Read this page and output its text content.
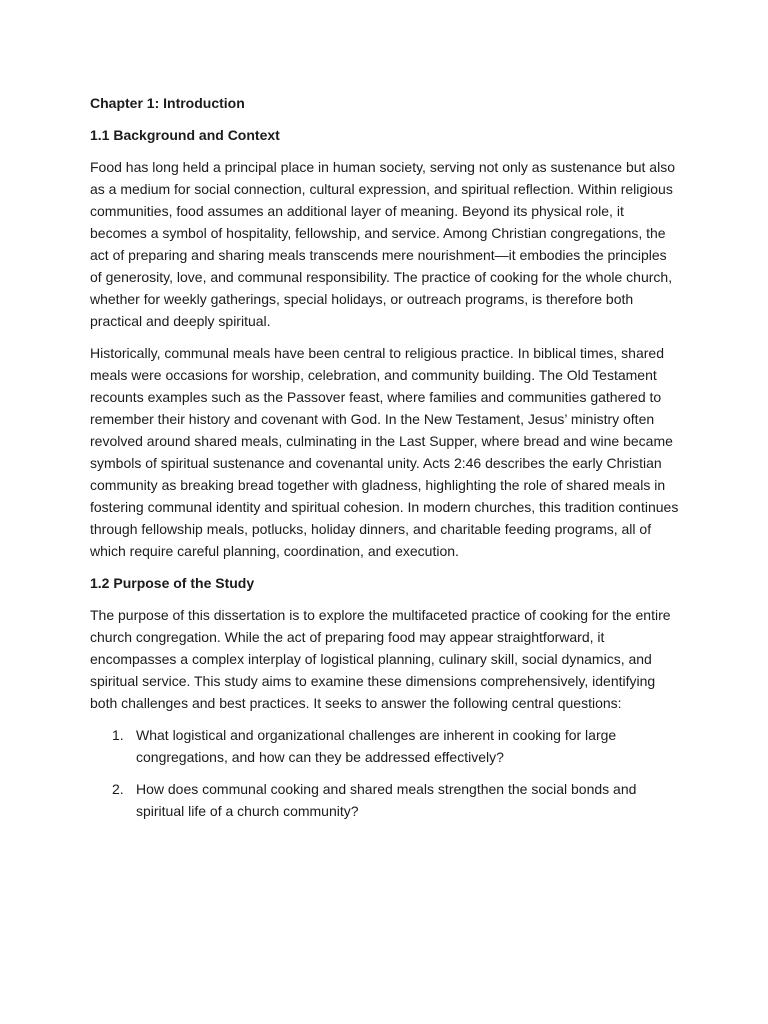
Chapter 1: Introduction

1.1 Background and Context

Food has long held a principal place in human society, serving not only as sustenance but also as a medium for social connection, cultural expression, and spiritual reflection. Within religious communities, food assumes an additional layer of meaning. Beyond its physical role, it becomes a symbol of hospitality, fellowship, and service. Among Christian congregations, the act of preparing and sharing meals transcends mere nourishment—it embodies the principles of generosity, love, and communal responsibility. The practice of cooking for the whole church, whether for weekly gatherings, special holidays, or outreach programs, is therefore both practical and deeply spiritual.

Historically, communal meals have been central to religious practice. In biblical times, shared meals were occasions for worship, celebration, and community building. The Old Testament recounts examples such as the Passover feast, where families and communities gathered to remember their history and covenant with God. In the New Testament, Jesus’ ministry often revolved around shared meals, culminating in the Last Supper, where bread and wine became symbols of spiritual sustenance and covenantal unity. Acts 2:46 describes the early Christian community as breaking bread together with gladness, highlighting the role of shared meals in fostering communal identity and spiritual cohesion. In modern churches, this tradition continues through fellowship meals, potlucks, holiday dinners, and charitable feeding programs, all of which require careful planning, coordination, and execution.

1.2 Purpose of the Study

The purpose of this dissertation is to explore the multifaceted practice of cooking for the entire church congregation. While the act of preparing food may appear straightforward, it encompasses a complex interplay of logistical planning, culinary skill, social dynamics, and spiritual service. This study aims to examine these dimensions comprehensively, identifying both challenges and best practices. It seeks to answer the following central questions:

1. What logistical and organizational challenges are inherent in cooking for large congregations, and how can they be addressed effectively?
2. How does communal cooking and shared meals strengthen the social bonds and spiritual life of a church community?
